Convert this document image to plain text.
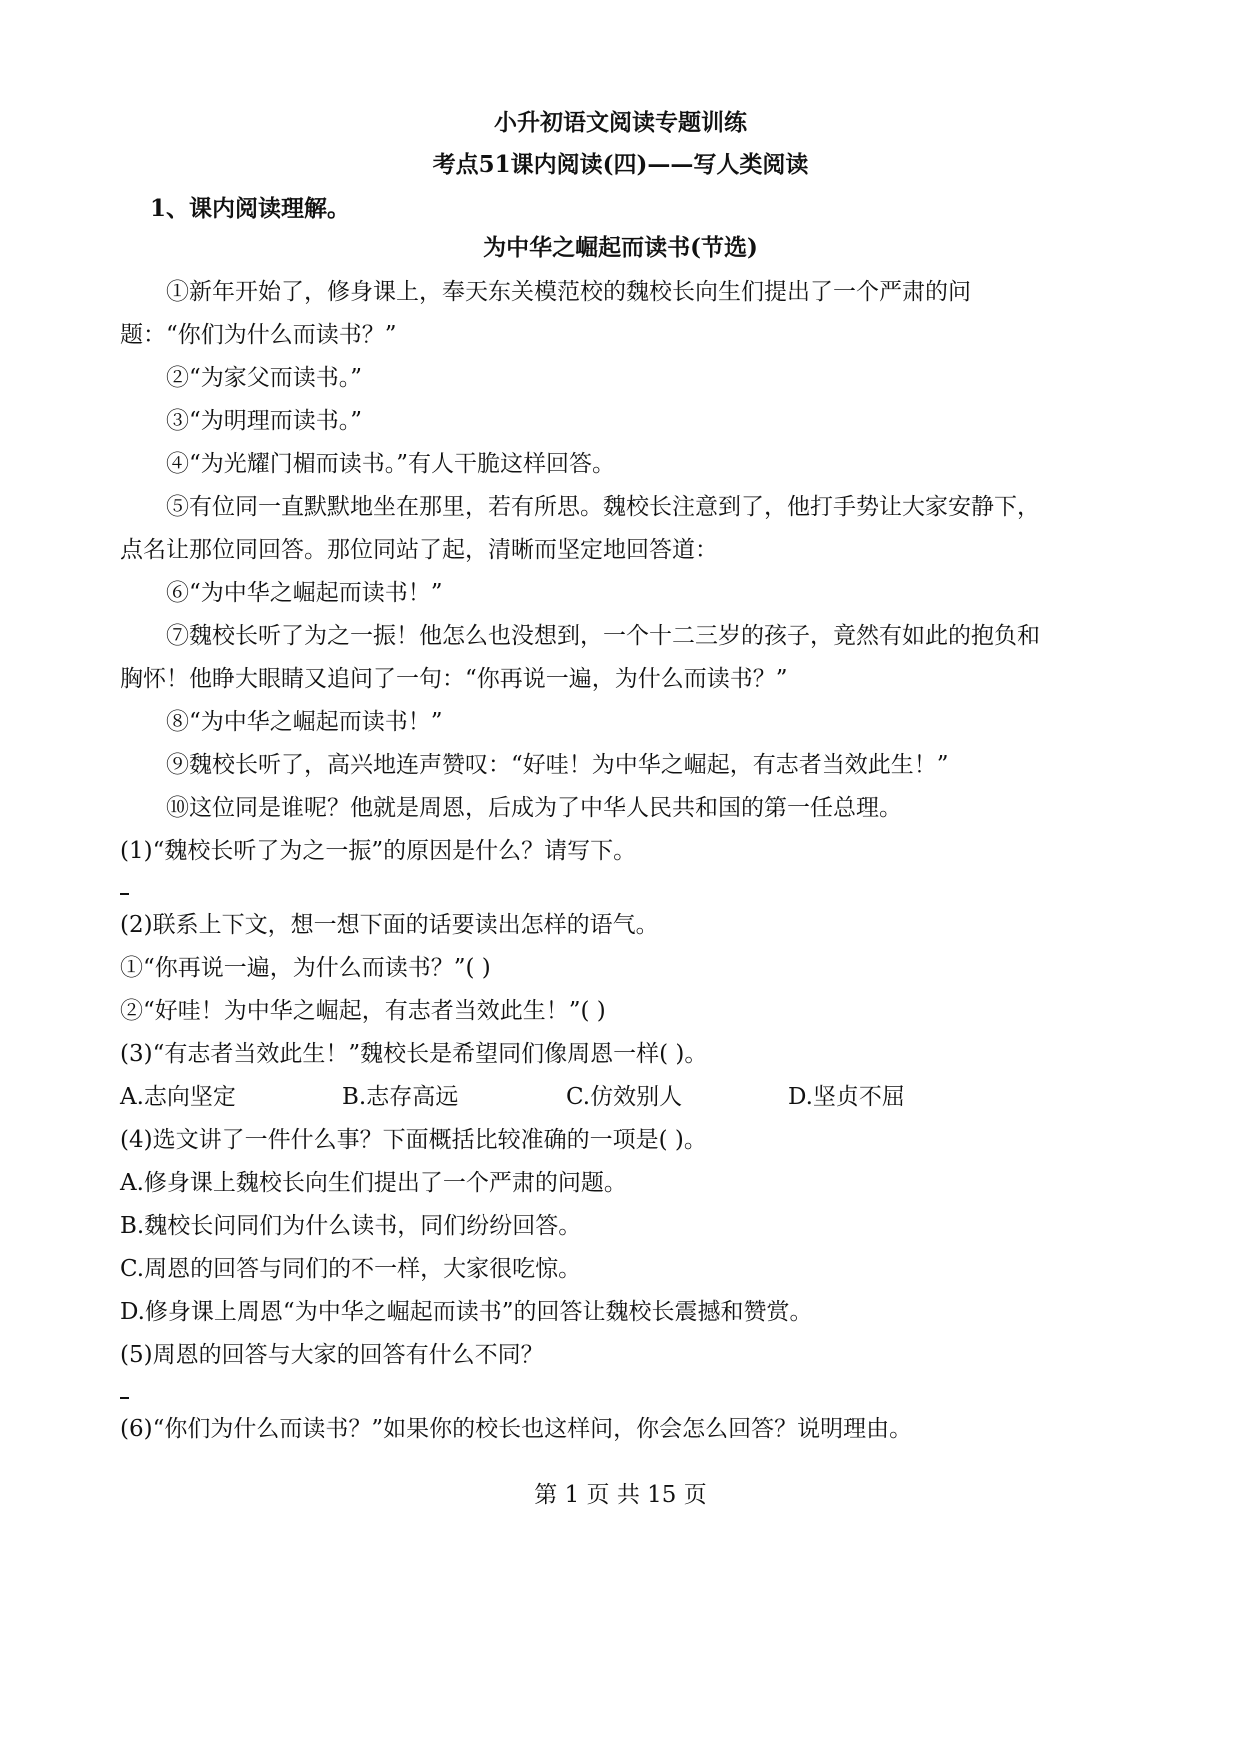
小升初语文阅读专题训练
考点51课内阅读(四)——写人类阅读
1、课内阅读理解。
为中华之崛起而读书(节选)
①新年开始了，修身课上，奉天东关模范校的魏校长向生们提出了一个严肃的问
题：“你们为什么而读书？”
②“为家父而读书。”
③“为明理而读书。”
④“为光耀门楣而读书。”有人干脆这样回答。
⑤有位同一直默默地坐在那里，若有所思。魏校长注意到了，他打手势让大家安静下，
点名让那位同回答。那位同站了起，清晰而坚定地回答道：
⑥“为中华之崛起而读书！”
⑦魏校长听了为之一振！他怎么也没想到，一个十二三岁的孩子，竟然有如此的抱负和
胸怀！他睁大眼睛又追问了一句：“你再说一遍，为什么而读书？”
⑧“为中华之崛起而读书！”
⑨魏校长听了，高兴地连声赞叹：“好哇！为中华之崛起，有志者当效此生！”
⑩这位同是谁呢？他就是周恩，后成为了中华人民共和国的第一任总理。
(1)“魏校长听了为之一振”的原因是什么？请写下。
(2)联系上下文，想一想下面的话要读出怎样的语气。
①“你再说一遍，为什么而读书？”( )
②“好哇！为中华之崛起，有志者当效此生！”( )
(3)“有志者当效此生！”魏校长是希望同们像周恩一样( )。
A.志向坚定	B.志存高远	C.仿效别人	D.坚贞不屈
(4)选文讲了一件什么事？下面概括比较准确的一项是( )。
A.修身课上魏校长向生们提出了一个严肃的问题。
B.魏校长问同们为什么读书，同们纷纷回答。
C.周恩的回答与同们的不一样，大家很吃惊。
D.修身课上周恩“为中华之崛起而读书”的回答让魏校长震撼和赞赏。
(5)周恩的回答与大家的回答有什么不同？
(6)“你们为什么而读书？”如果你的校长也这样问，你会怎么回答？说明理由。
第 1 页 共 15 页
